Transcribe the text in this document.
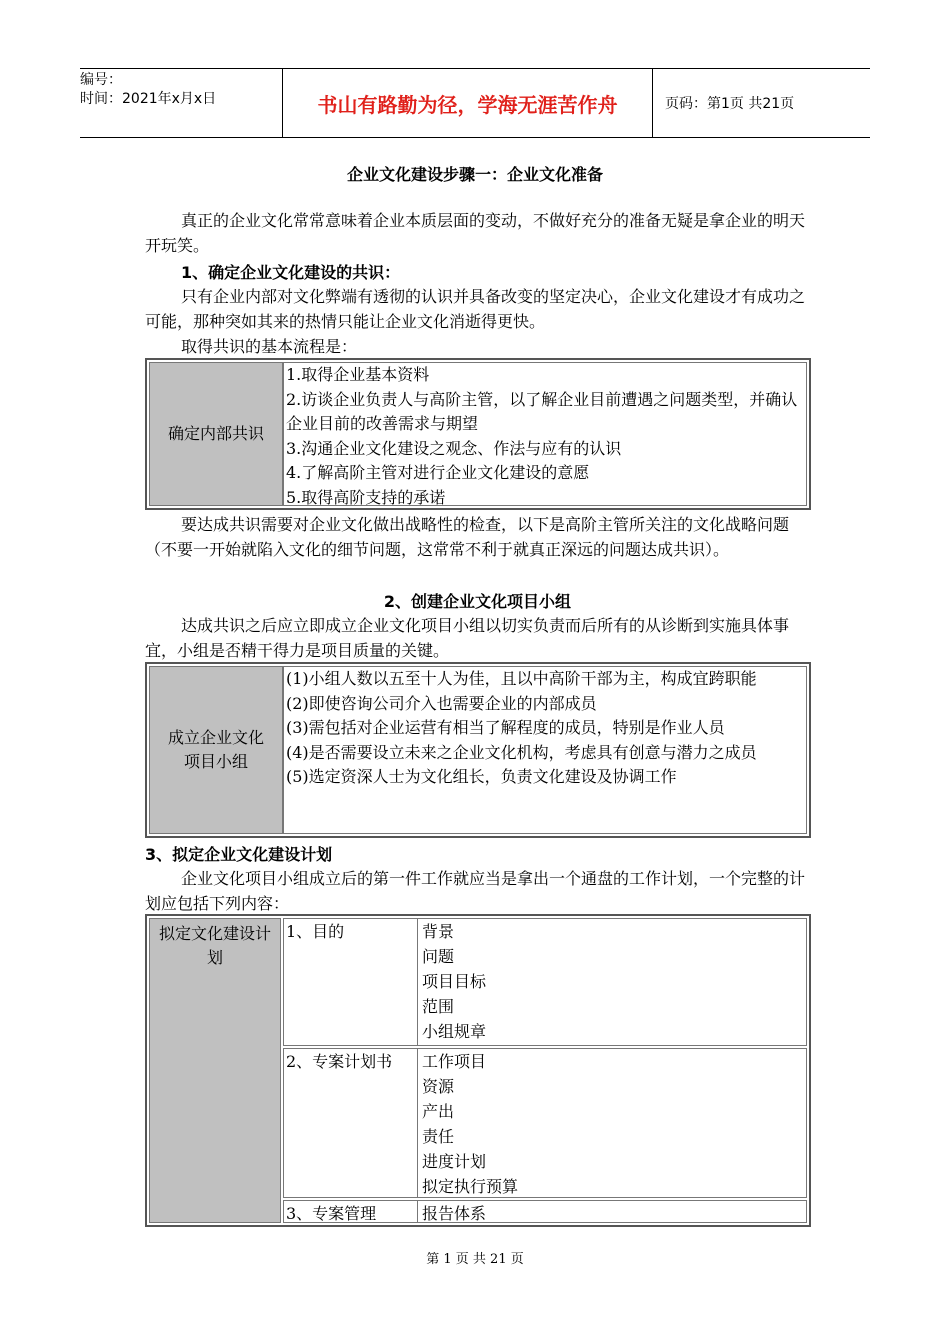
编号：
时间：2021年x月x日	书山有路勤为径，学海无涯苦作舟	页码：第1页 共21页
企业文化建设步骤一：企业文化准备

真正的企业文化常常意味着企业本质层面的变动，不做好充分的准备无疑是拿企业的明天开玩笑。

1、确定企业文化建设的共识：

只有企业内部对文化弊端有透彻的认识并具备改变的坚定决心，企业文化建设才有成功之可能，那种突如其来的热情只能让企业文化消逝得更快。

取得共识的基本流程是：

确定内部共识
1.取得企业基本资料
2.访谈企业负责人与高阶主管，以了解企业目前遭遇之问题类型，并确认企业目前的改善需求与期望
3.沟通企业文化建设之观念、作法与应有的认识
4.了解高阶主管对进行企业文化建设的意愿
5.取得高阶支持的承诺

要达成共识需要对企业文化做出战略性的检查，以下是高阶主管所关注的文化战略问题（不要一开始就陷入文化的细节问题，这常常不利于就真正深远的问题达成共识）。

2、创建企业文化项目小组

达成共识之后应立即成立企业文化项目小组以切实负责而后所有的从诊断到实施具体事宜，小组是否精干得力是项目质量的关键。

成立企业文化项目小组
(1)小组人数以五至十人为佳，且以中高阶干部为主，构成宜跨职能
(2)即使咨询公司介入也需要企业的内部成员
(3)需包括对企业运营有相当了解程度的成员，特别是作业人员
(4)是否需要设立未来之企业文化机构，考虑具有创意与潜力之成员
(5)选定资深人士为文化组长，负责文化建设及协调工作

3、拟定企业文化建设计划

企业文化项目小组成立后的第一件工作就应当是拿出一个通盘的工作计划，一个完整的计划应包括下列内容：

拟定文化建设计划
1、目的	背景
问题
项目目标
范围
小组规章
2、专案计划书	工作项目
资源
产出
责任
进度计划
拟定执行预算
3、专案管理	报告体系
第 1 页 共 21 页
